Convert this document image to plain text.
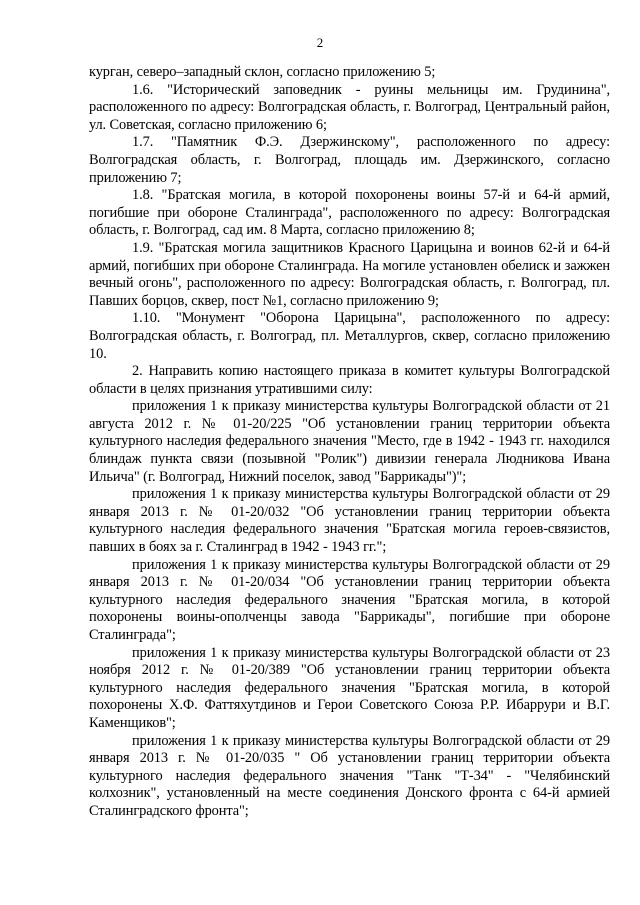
2

курган, северо–западный склон, согласно приложению 5;

1.6. "Исторический заповедник - руины мельницы им. Грудинина", расположенного по адресу: Волгоградская область, г. Волгоград, Центральный район, ул. Советская, согласно приложению 6;

1.7. "Памятник Ф.Э. Дзержинскому", расположенного по адресу: Волгоградская область, г. Волгоград, площадь им. Дзержинского, согласно приложению 7;

1.8. "Братская могила, в которой похоронены воины 57-й и 64-й армий, погибшие при обороне Сталинграда", расположенного по адресу: Волгоградская область, г. Волгоград, сад им. 8 Марта, согласно приложению 8;

1.9. "Братская могила защитников Красного Царицына и воинов 62-й и 64-й армий, погибших при обороне Сталинграда. На могиле установлен обелиск и зажжен вечный огонь", расположенного по адресу: Волгоградская область, г. Волгоград, пл. Павших борцов, сквер, пост №1, согласно приложению 9;

1.10. "Монумент "Оборона Царицына", расположенного по адресу: Волгоградская область, г. Волгоград, пл. Металлургов, сквер, согласно приложению 10.

2. Направить копию настоящего приказа в комитет культуры Волгоградской области в целях признания утратившими силу:

приложения 1 к приказу министерства культуры Волгоградской области от 21 августа 2012 г. № 01-20/225 "Об установлении границ территории объекта культурного наследия федерального значения "Место, где в 1942 - 1943 гг. находился блиндаж пункта связи (позывной "Ролик") дивизии генерала Людникова Ивана Ильича" (г. Волгоград, Нижний поселок, завод "Баррикады")";

приложения 1 к приказу министерства культуры Волгоградской области от 29 января 2013 г. № 01-20/032 "Об установлении границ территории объекта культурного наследия федерального значения "Братская могила героев-связистов, павших в боях за г. Сталинград в 1942 - 1943 гг.";

приложения 1 к приказу министерства культуры Волгоградской области от 29 января 2013 г. № 01-20/034 "Об установлении границ территории объекта культурного наследия федерального значения "Братская могила, в которой похоронены воины-ополченцы завода "Баррикады", погибшие при обороне Сталинграда";

приложения 1 к приказу министерства культуры Волгоградской области от 23 ноября 2012 г. № 01-20/389 "Об установлении границ территории объекта культурного наследия федерального значения "Братская могила, в которой похоронены Х.Ф. Фаттяхутдинов и Герои Советского Союза Р.Р. Ибаррури и В.Г. Каменщиков";

приложения 1 к приказу министерства культуры Волгоградской области от 29 января 2013 г. № 01-20/035 " Об установлении границ территории объекта культурного наследия федерального значения "Танк "Т-34" - "Челябинский колхозник", установленный на месте соединения Донского фронта с 64-й армией Сталинградского фронта";
